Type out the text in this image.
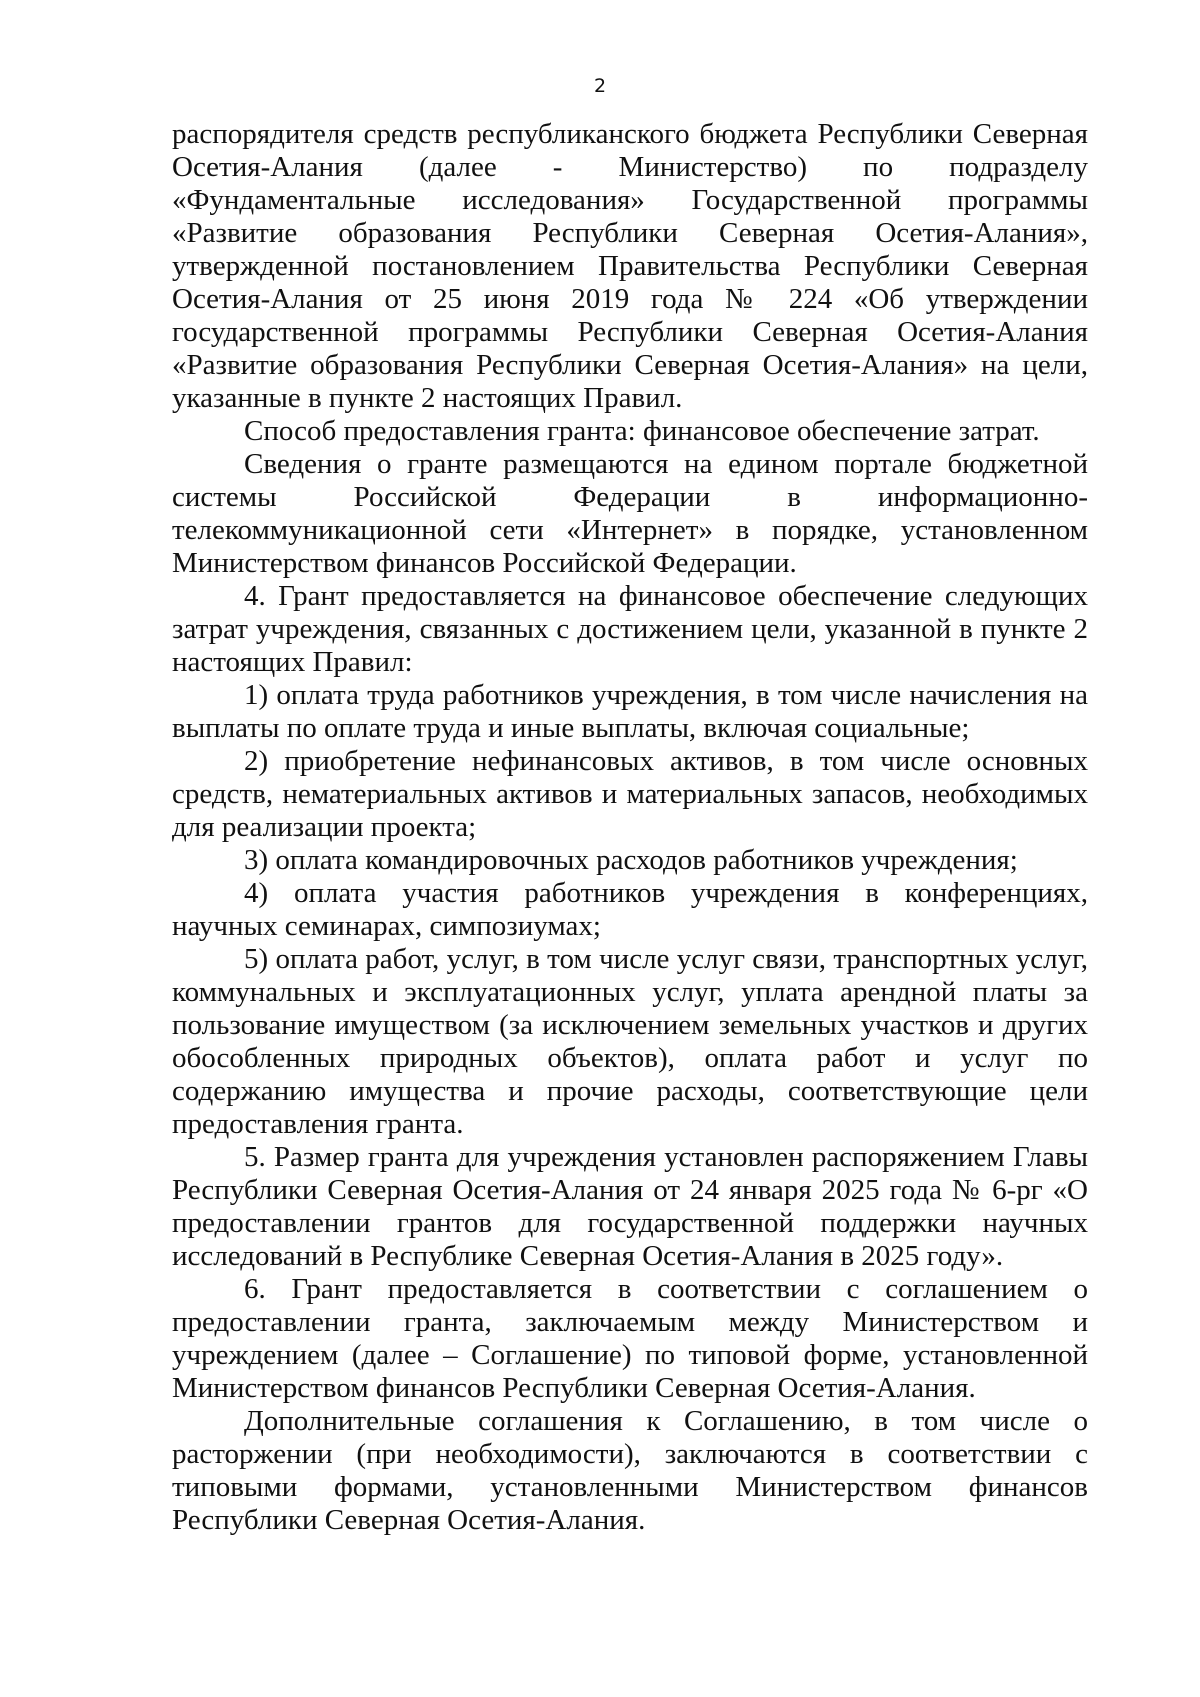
2

распорядителя средств республиканского бюджета Республики Северная Осетия-Алания (далее - Министерство) по подразделу «Фундаментальные исследования» Государственной программы «Развитие образования Республики Северная Осетия-Алания», утвержденной постановлением Правительства Республики Северная Осетия-Алания от 25 июня 2019 года № 224 «Об утверждении государственной программы Республики Северная Осетия-Алания «Развитие образования Республики Северная Осетия-Алания» на цели, указанные в пункте 2 настоящих Правил.

Способ предоставления гранта: финансовое обеспечение затрат.

Сведения о гранте размещаются на едином портале бюджетной системы Российской Федерации в информационно-телекоммуникационной сети «Интернет» в порядке, установленном Министерством финансов Российской Федерации.

4. Грант предоставляется на финансовое обеспечение следующих затрат учреждения, связанных с достижением цели, указанной в пункте 2 настоящих Правил:

1) оплата труда работников учреждения, в том числе начисления на выплаты по оплате труда и иные выплаты, включая социальные;

2) приобретение нефинансовых активов, в том числе основных средств, нематериальных активов и материальных запасов, необходимых для реализации проекта;

3) оплата командировочных расходов работников учреждения;

4) оплата участия работников учреждения в конференциях, научных семинарах, симпозиумах;

5) оплата работ, услуг, в том числе услуг связи, транспортных услуг, коммунальных и эксплуатационных услуг, уплата арендной платы за пользование имуществом (за исключением земельных участков и других обособленных природных объектов), оплата работ и услуг по содержанию имущества и прочие расходы, соответствующие цели предоставления гранта.

5. Размер гранта для учреждения установлен распоряжением Главы Республики Северная Осетия-Алания от 24 января 2025 года № 6-рг «О предоставлении грантов для государственной поддержки научных исследований в Республике Северная Осетия-Алания в 2025 году».

6. Грант предоставляется в соответствии с соглашением о предоставлении гранта, заключаемым между Министерством и учреждением (далее – Соглашение) по типовой форме, установленной Министерством финансов Республики Северная Осетия-Алания.

Дополнительные соглашения к Соглашению, в том числе о расторжении (при необходимости), заключаются в соответствии с типовыми формами, установленными Министерством финансов Республики Северная Осетия-Алания.
